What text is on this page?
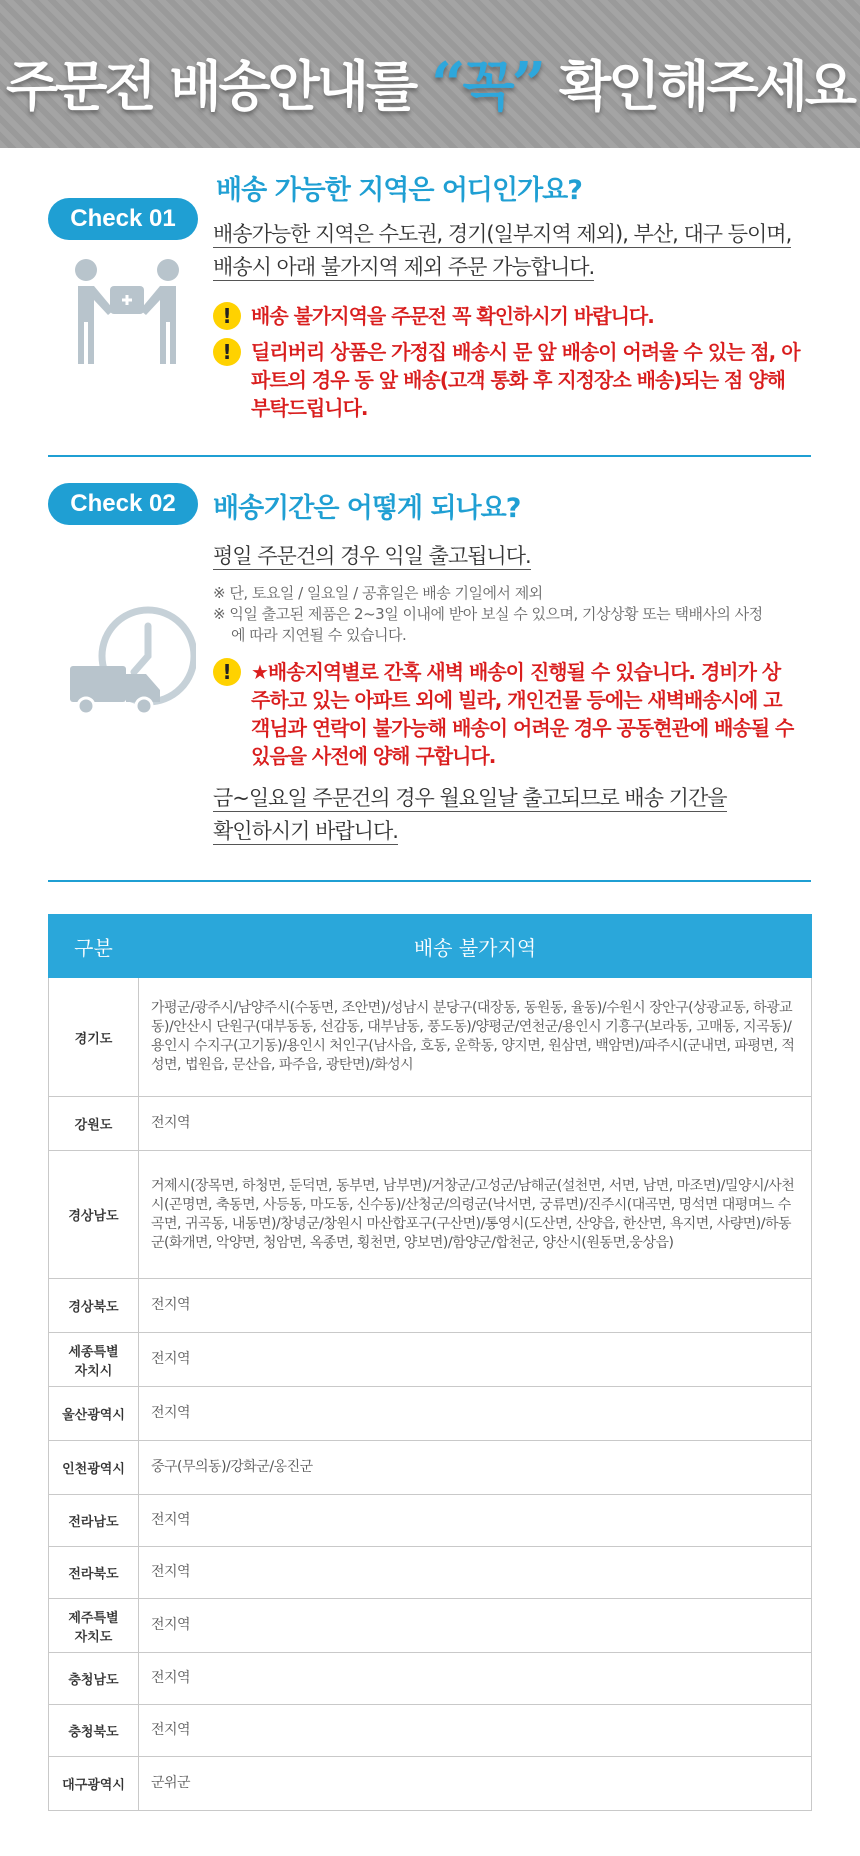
주문전 배송안내를 “꼭” 확인해주세요
Check 01
배송 가능한 지역은 어디인가요?
배송가능한 지역은 수도권, 경기(일부지역 제외), 부산, 대구 등이며,
배송시 아래 불가지역 제외 주문 가능합니다.
! 배송 불가지역을 주문전 꼭 확인하시기 바랍니다.
! 딜리버리 상품은 가정집 배송시 문 앞 배송이 어려울 수 있는 점, 아파트의 경우 동 앞 배송(고객 통화 후 지정장소 배송)되는 점 양해부탁드립니다.
Check 02	배송기간은 어떻게 되나요?
평일 주문건의 경우 익일 출고됩니다.
※ 단, 토요일 / 일요일 / 공휴일은 배송 기일에서 제외
※ 익일 출고된 제품은 2~3일 이내에 받아 보실 수 있으며, 기상상황 또는 택배사의 사정에 따라 지연될 수 있습니다.
! ★배송지역별로 간혹 새벽 배송이 진행될 수 있습니다. 경비가 상주하고 있는 아파트 외에 빌라, 개인건물 등에는 새벽배송시에 고객님과 연락이 불가능해 배송이 어려운 경우 공동현관에 배송될 수 있음을 사전에 양해 구합니다.
금~일요일 주문건의 경우 월요일날 출고되므로 배송 기간을
확인하시기 바랍니다.
구분	배송 불가지역
경기도	가평군/광주시/남양주시(수동면, 조안면)/성남시 분당구(대장동, 동원동, 율동)/수원시 장안구(상광교동, 하광교동)/안산시 단원구(대부동동, 선감동, 대부남동, 풍도동)/양평군/연천군/용인시 기흥구(보라동, 고매동, 지곡동)/용인시 수지구(고기동)/용인시 처인구(남사읍, 호동, 운학동, 양지면, 원삼면, 백암면)/파주시(군내면, 파평면, 적성면, 법원읍, 문산읍, 파주읍, 광탄면)/화성시
강원도	전지역
경상남도	거제시(장목면, 하청면, 둔덕면, 동부면, 남부면)/거창군/고성군/남해군(설천면, 서면, 남면, 마조면)/밀양시/사천시(곤명면, 축동면, 사등동, 마도동, 신수동)/산청군/의령군(낙서면, 궁류면)/진주시(대곡면, 명석면 대평며느 수곡면, 귀곡동, 내동면)/창녕군/창원시 마산합포구(구산면)/통영시(도산면, 산양읍, 한산면, 욕지면, 사량면)/하동군(화개면, 악양면, 청암면, 옥종면, 횡천면, 양보면)/함양군/합천군, 양산시(원동면,웅상읍)
경상북도	전지역
세종특별
자치시	전지역
울산광역시	전지역
인천광역시	중구(무의동)/강화군/옹진군
전라남도	전지역
전라북도	전지역
제주특별
자치도	전지역
충청남도	전지역
충청북도	전지역
대구광역시	군위군
